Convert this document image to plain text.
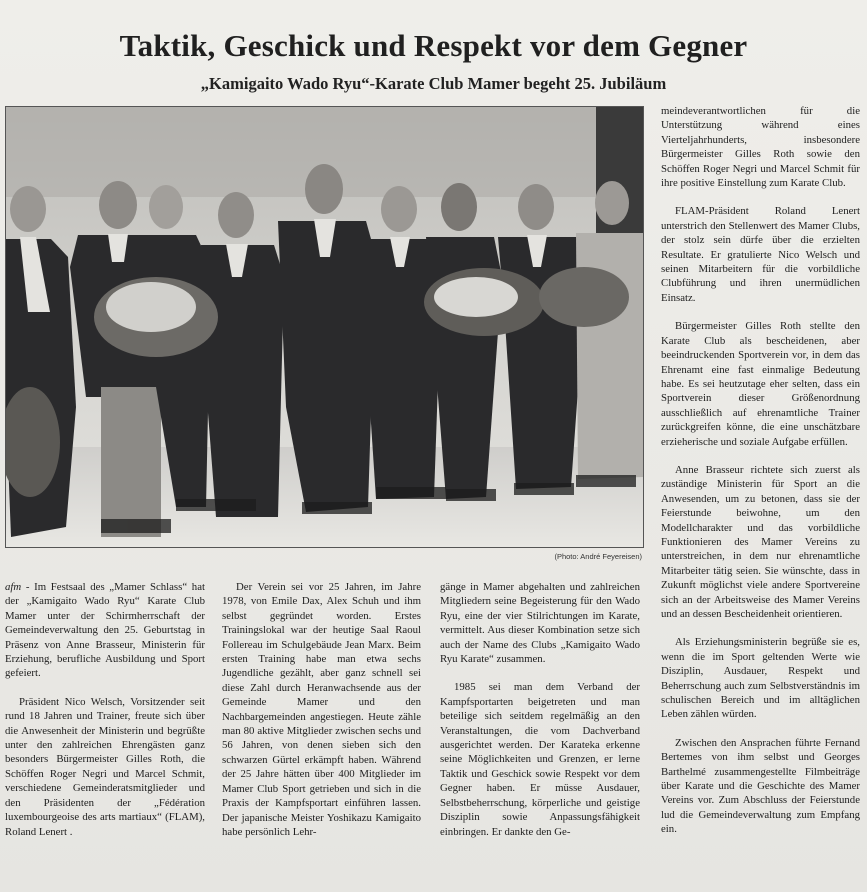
Taktik, Geschick und Respekt vor dem Gegner
„Kamigaito Wado Ryu“-Karate Club Mamer begeht 25. Jubiläum
(Photo: André Feyereisen)

meindeverantwortlichen für die Unterstützung während eines Vierteljahrhunderts, insbesondere Bürgermeister Gilles Roth sowie den Schöffen Roger Negri und Marcel Schmit für ihre positive Einstellung zum Karate Club.

FLAM-Präsident Roland Lenert unterstrich den Stellenwert des Mamer Clubs, der stolz sein dürfe über die erzielten Resultate. Er gratulierte Nico Welsch und seinen Mitarbeitern für die vorbildliche Clubführung und ihren unermüdlichen Einsatz.

Bürgermeister Gilles Roth stellte den Karate Club als bescheidenen, aber beeindruckenden Sportverein vor, in dem das Ehrenamt eine fast einmalige Bedeutung habe. Es sei heutzutage eher selten, dass ein Sportverein dieser Größenordnung ausschließlich auf ehrenamtliche Trainer zurückgreifen könne, die eine unschätzbare erzieherische und soziale Aufgabe erfüllen.

Anne Brasseur richtete sich zuerst als zuständige Ministerin für Sport an die Anwesenden, um zu betonen, dass sie der Feierstunde beiwohne, um den Modellcharakter und das vorbildliche Funktionieren des Mamer Vereins zu unterstreichen, in dem nur ehrenamtliche Mitarbeiter tätig seien. Sie wünschte, dass in Zukunft möglichst viele andere Sportvereine sich an der Arbeitsweise des Mamer Vereins und an dessen Bescheidenheit orientieren.

Als Erziehungsministerin begrüße sie es, wenn die im Sport geltenden Werte wie Disziplin, Ausdauer, Respekt und Beherrschung auch zum Selbstverständnis im schulischen Bereich und im alltäglichen Leben zählen würden.

Zwischen den Ansprachen führte Fernand Bertemes von ihm selbst und Georges Barthelmé zusammengestellte Filmbeiträge über Karate und die Geschichte des Mamer Vereins vor. Zum Abschluss der Feierstunde lud die Gemeindeverwaltung zum Empfang ein.

afm - Im Festsaal des „Mamer Schlass“ hat der „Kamigaito Wado Ryu“ Karate Club Mamer unter der Schirmherrschaft der Gemeindeverwaltung den 25. Geburtstag in Präsenz von Anne Brasseur, Ministerin für Erziehung, berufliche Ausbildung und Sport gefeiert.

Präsident Nico Welsch, Vorsitzender seit rund 18 Jahren und Trainer, freute sich über die Anwesenheit der Ministerin und begrüßte unter den zahlreichen Ehrengästen ganz besonders Bürgermeister Gilles Roth, die Schöffen Roger Negri und Marcel Schmit, verschiedene Gemeinderatsmitglieder und den Präsidenten der „Fédération luxembourgeoise des arts martiaux“ (FLAM), Roland Lenert .

Der Verein sei vor 25 Jahren, im Jahre 1978, von Emile Dax, Alex Schuh und ihm selbst gegründet worden. Erstes Trainingslokal war der heutige Saal Raoul Follereau im Schulgebäude Jean Marx. Beim ersten Training habe man etwa sechs Jugendliche gezählt, aber ganz schnell sei diese Zahl durch Heranwachsende aus der Gemeinde Mamer und den Nachbargemeinden angestiegen. Heute zähle man 80 aktive Mitglieder zwischen sechs und 56 Jahren, von denen sieben sich den schwarzen Gürtel erkämpft haben. Während der 25 Jahre hätten über 400 Mitglieder im Mamer Club Sport getrieben und sich in die Praxis der Kampfsportart einführen lassen. Der japanische Meister Yoshikazu Kamigaito habe persönlich Lehr-

gänge in Mamer abgehalten und zahlreichen Mitgliedern seine Begeisterung für den Wado Ryu, eine der vier Stilrichtungen im Karate, vermittelt. Aus dieser Kombination setze sich auch der Name des Clubs „Kamigaito Wado Ryu Karate“ zusammen.

1985 sei man dem Verband der Kampfsportarten beigetreten und man beteilige sich seitdem regelmäßig an den Veranstaltungen, die vom Dachverband ausgerichtet werden. Der Karateka erkenne seine Möglichkeiten und Grenzen, er lerne Taktik und Geschick sowie Respekt vor dem Gegner haben. Er müsse Ausdauer, Selbstbeherrschung, körperliche und geistige Disziplin sowie Anpassungsfähigkeit einbringen. Er dankte den Ge-
